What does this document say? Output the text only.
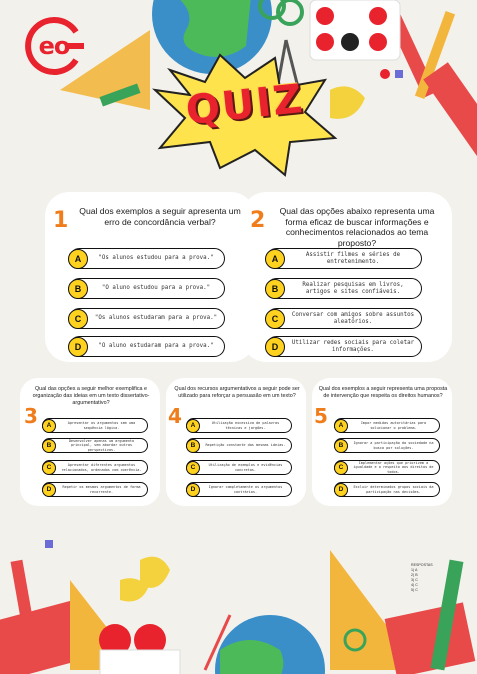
eo
QUIZ
1	Qual dos exemplos a seguir apresenta um erro de concordância verbal?
A	"Os alunos estudou para a prova."
B	"O aluno estudou para a prova."
C	"Os alunos estudaram para a prova."
D	"O aluno estudaram para a prova."
2	Qual das opções abaixo representa uma forma eficaz de buscar informações e conhecimentos relacionados ao tema proposto?
A	Assistir filmes e séries de entretenimento.
B	Realizar pesquisas em livros, artigos e sites confiáveis.
C	Conversar com amigos sobre assuntos aleatórios.
D	Utilizar redes sociais para coletar informações.
3
Qual das opções a seguir melhor exemplifica e organização das ideias em um texto dissertativo-argumentativo?
A	Apresentar os argumentos sem uma sequência lógica.
B
Desenvolver apenas um argumento principal, sem abordar outras perspectivas.
C	Apresentar diferentes argumentos relacionados, ordenados com coerência.
D	Repetir os mesmos argumentos de forma recorrente.
4
Qual dos recursos argumentativos a seguir pode ser utilizado para reforçar a persuasão em um texto?
A	Utilização excessiva de palavras técnicas e jargões.
B	Repetição constante das mesmas ideias.
C	Utilização de exemplos e evidências concretas.
D	Ignorar completamente os argumentos contrários.
5
Qual dos exemplos a seguir representa uma proposta de intervenção que respeita os direitos humanos?
A	Impor medidas autoritárias para solucionar o problema.
B	Ignorar a participação da sociedade na busca por soluções.
C
Implementar ações que priorizem a igualdade e o respeito aos direitos de todos.
D	Excluir determinados grupos sociais da participação nas decisões.
RESPOSTAS
1) A
2) B
3) C
4) C
5) C
